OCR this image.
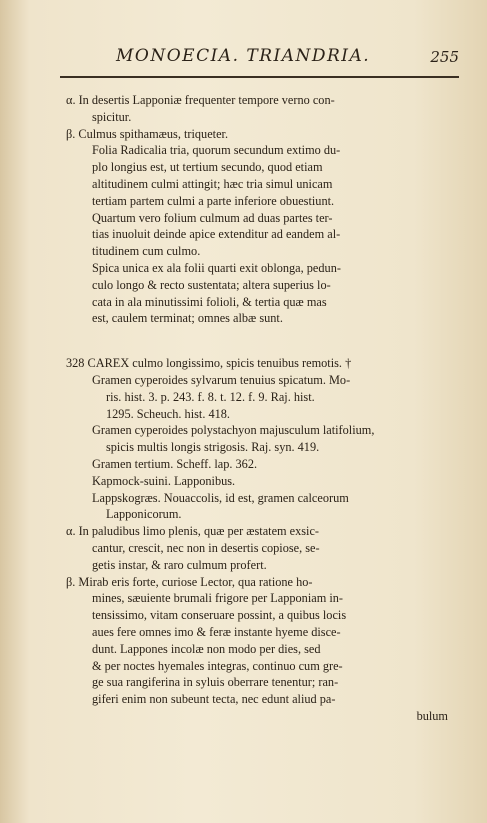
MONOECIA. TRIANDRIA.	255
α. In desertis Lapponiæ frequenter tempore verno con-
spicitur.
β. Culmus spithamæus, triqueter.
Folia Radicalia tria, quorum secundum extimo du-
plo longius est, ut tertium secundo, quod etiam
altitudinem culmi attingit; hæc tria simul unicam
tertiam partem culmi a parte inferiore obuestiunt.
Quartum vero folium culmum ad duas partes ter-
tias inuoluit deinde apice extenditur ad eandem al-
titudinem cum culmo.
Spica unica ex ala folii quarti exit oblonga, pedun-
culo longo & recto sustentata; altera superius lo-
cata in ala minutissimi folioli, & tertia quæ mas
est, caulem terminat; omnes albæ sunt.
328 CAREX culmo longissimo, spicis tenuibus remotis. †
Gramen cyperoides sylvarum tenuius spicatum. Mo-
ris. hist. 3. p. 243. f. 8. t. 12. f. 9. Raj. hist.
1295. Scheuch. hist. 418.
Gramen cyperoides polystachyon majusculum latifolium,
spicis multis longis strigosis. Raj. syn. 419.
Gramen tertium. Scheff. lap. 362.
Kapmock-suini. Lapponibus.
Lappskogræs. Nouaccolis, id est, gramen calceorum
Lapponicorum.
α. In paludibus limo plenis, quæ per æstatem exsic-
cantur, crescit, nec non in desertis copiose, se-
getis instar, & raro culmum profert.
β. Mirab eris forte, curiose Lector, qua ratione ho-
mines, sæuiente brumali frigore per Lapponiam in-
tensissimo, vitam conseruare possint, a quibus locis
aues fere omnes imo & feræ instante hyeme disce-
dunt. Lappones incolæ non modo per dies, sed
& per noctes hyemales integras, continuo cum gre-
ge sua rangiferina in syluis oberrare tenentur; ran-
giferi enim non subeunt tecta, nec edunt aliud pa-
bulum
